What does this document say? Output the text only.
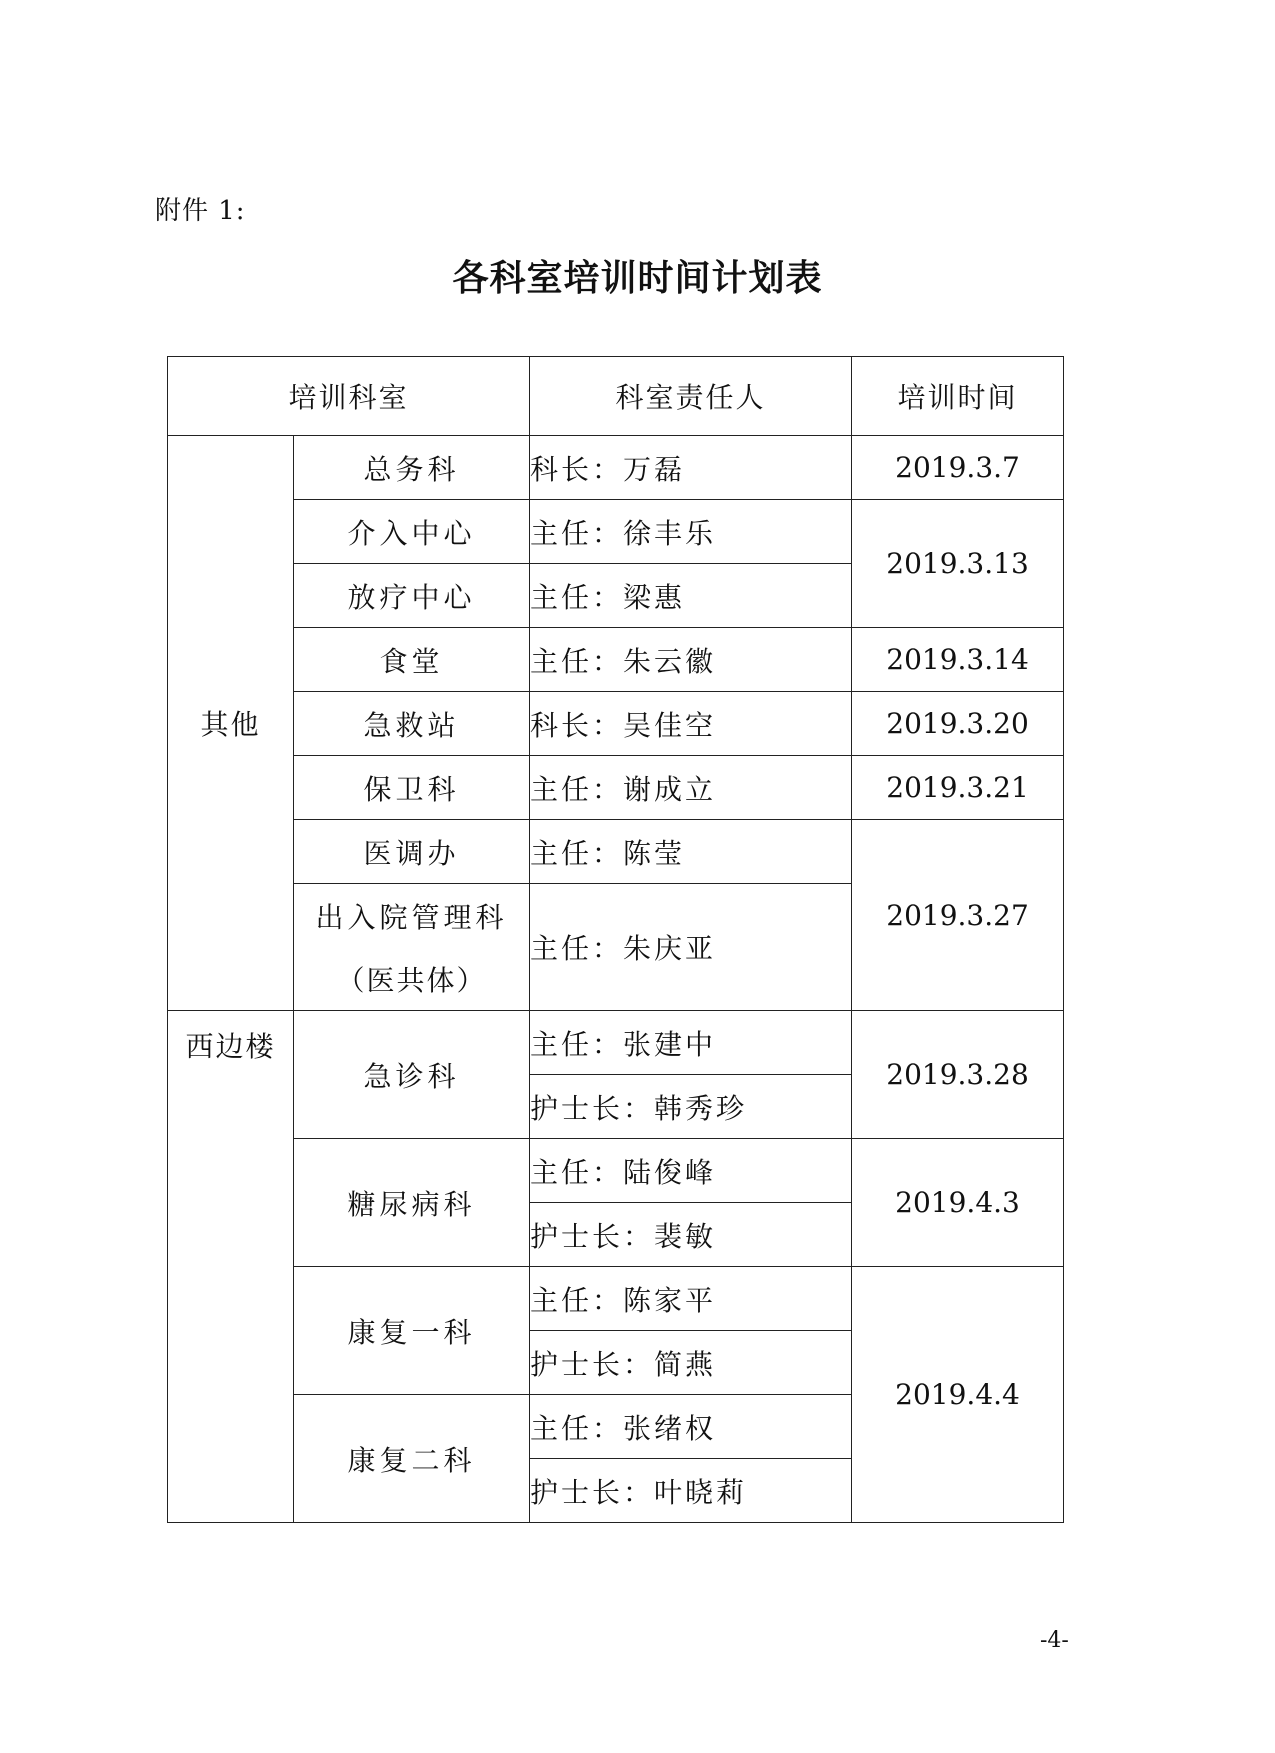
附件 1:
各科室培训时间计划表
培训科室		科室责任人	培训时间
其他	总务科	科长：万磊	2019.3.7
	介入中心	主任：徐丰乐	2019.3.13
	放疗中心	主任：梁惠	
	食堂	主任：朱云徽	2019.3.14
	急救站	科长：吴佳空	2019.3.20
	保卫科	主任：谢成立	2019.3.21
	医调办	主任：陈莹	2019.3.27
	出入院管理科	主任：朱庆亚	
	（医共体）		
西边楼	急诊科	主任：张建中	2019.3.28
		护士长：韩秀珍	
	糖尿病科	主任：陆俊峰	2019.4.3
		护士长：裴敏	
	康复一科	主任：陈家平	2019.4.4
		护士长：简燕	
	康复二科	主任：张绪权	
		护士长：叶晓莉	
-4-
